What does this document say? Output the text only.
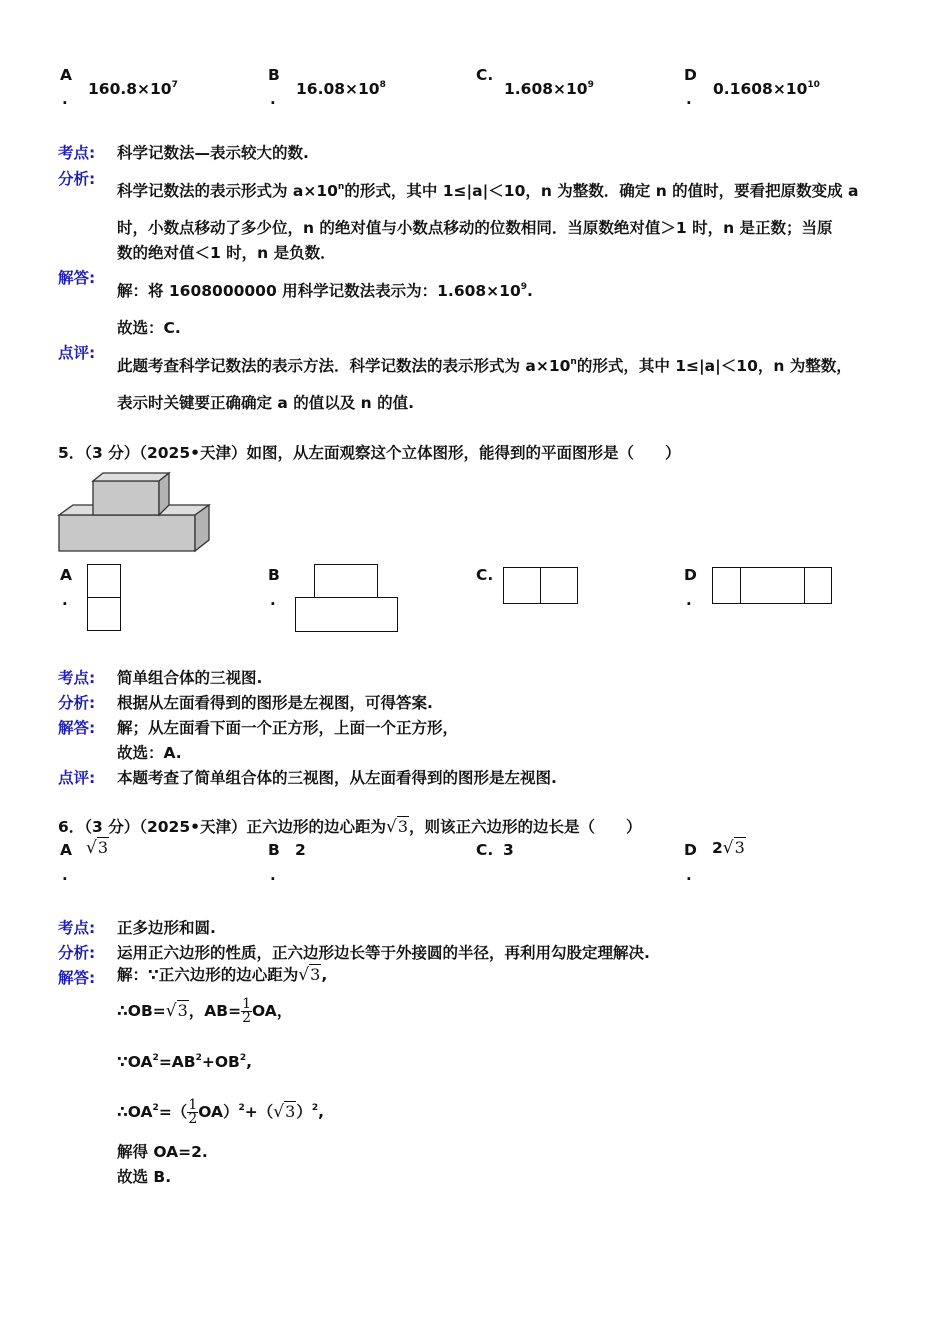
A
.
$160.8\times 10^7$
B
.
$16.08\times 10^8$
C.
$1.608\times 10^9$
D
.
$0.1608\times 10^{10}$
考点: 科学记数法—表示较大的数.
分析:
科学记数法的表示形式为 $a\times 10^n$的形式，其中 1≤|a|＜10，n 为整数．确定 n 的值时，要看把原数变成 a
时，小数点移动了多少位，n 的绝对值与小数点移动的位数相同．当原数绝对值＞1 时，n 是正数；当原
数的绝对值＜1 时，n 是负数．
解答:
解：将 1608000000 用科学记数法表示为：$1.608\times 10^9$.
故选：C.
点评:
此题考查科学记数法的表示方法．科学记数法的表示形式为 $a\times 10^n$的形式，其中 1≤|a|＜10，n 为整数，
表示时关键要正确确定 a 的值以及 n 的值.
5．（3 分）（2025•天津）如图，从左面观察这个立体图形，能得到的平面图形是（　　）
A
.
B
.
C.	D
.
考点: 简单组合体的三视图.
分析: 根据从左面看得到的图形是左视图，可得答案.
解答: 解；从左面看下面一个正方形，上面一个正方形，
故选：A.
点评: 本题考查了简单组合体的三视图，从左面看得到的图形是左视图.
6．（3 分）（2025•天津）正六边形的边心距为√3，则该正六边形的边长是（　　）
A
.
√3	B
.
2	C. 3	D
.
2√3
考点: 正多边形和圆.
分析: 运用正六边形的性质，正六边形边长等于外接圆的半径，再利用勾股定理解决.
解答: 解：∵正六边形的边心距为√3,
∴OB=√3，$AB= \frac{1}{2}$ OA，
$\because OA^2=AB^2+OB^2$,
$\therefore OA^2=( \frac{1}{2} OA)^2+(√3)^2$,
解得 OA=2.
故选 B.
